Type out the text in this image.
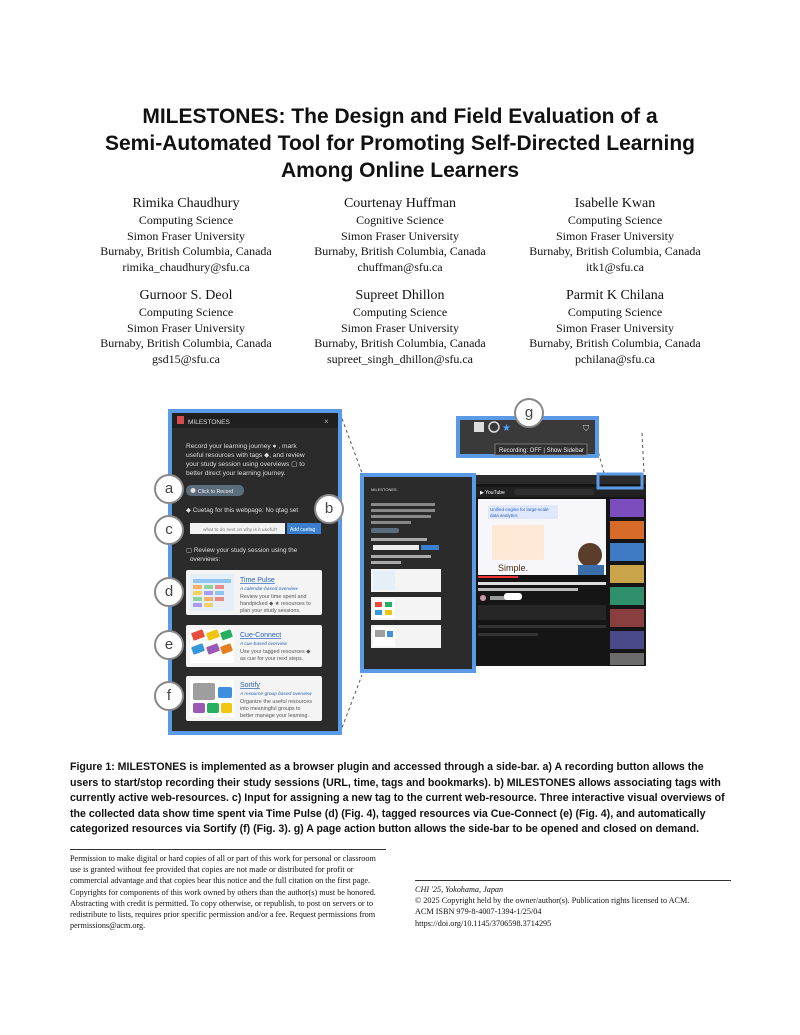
MILESTONES: The Design and Field Evaluation of a
Semi-Automated Tool for Promoting Self-Directed Learning
Among Online Learners
Rimika Chaudhury
Computing Science
Simon Fraser University
Burnaby, British Columbia, Canada
rimika_chaudhury@sfu.ca
Courtenay Huffman
Cognitive Science
Simon Fraser University
Burnaby, British Columbia, Canada
chuffman@sfu.ca
Isabelle Kwan
Computing Science
Simon Fraser University
Burnaby, British Columbia, Canada
itk1@sfu.ca
Gurnoor S. Deol
Computing Science
Simon Fraser University
Burnaby, British Columbia, Canada
gsd15@sfu.ca
Supreet Dhillon
Computing Science
Simon Fraser University
Burnaby, British Columbia, Canada
supreet_singh_dhillon@sfu.ca
Parmit K Chilana
Computing Science
Simon Fraser University
Burnaby, British Columbia, Canada
pchilana@sfu.ca
MILESTONES	×
Record your learning journey ● , mark
useful resources with tags ◆, and review
your study session using overviews ▢ to
better direct your learning journey.
Click to Record
◆ Cuetag for this webpage: No qtag set
what to do next on why is it useful?	Add cuetag
▢ Review your study session using the
overviews:
Time Pulse
A calendar-based overview
Review your time spent and
handpicked ◆ ★ resources to
plan your study sessions.
Cue-Connect
A cue-based overview
Use your tagged resources ◆
as cue for your next steps.
Sortify
A resource-group based overview
Organize the useful resources
into meaningful groups to
better manage your learning.
▶ YouTube
Unified engine for large-scale
data analytics
Simple.
MILESTONES
★	⛉
Recording: OFF | Show Sidebar
a
b
c
d
e
f
g
Figure 1: MILESTONES is implemented as a browser plugin and accessed through a side-bar. a) A recording button allows the users to start/stop recording their study sessions (URL, time, tags and bookmarks). b) MILESTONES allows associating tags with currently active web-resources. c) Input for assigning a new tag to the current web-resource. Three interactive visual overviews of the collected data show time spent via Time Pulse (d) (Fig. 4), tagged resources via Cue-Connect (e) (Fig. 4), and automatically categorized resources via Sortify (f) (Fig. 3). g) A page action button allows the side-bar to be opened and closed on demand.
Permission to make digital or hard copies of all or part of this work for personal or classroom use is granted without fee provided that copies are not made or distributed for profit or commercial advantage and that copies bear this notice and the full citation on the first page. Copyrights for components of this work owned by others than the author(s) must be honored. Abstracting with credit is permitted. To copy otherwise, or republish, to post on servers or to redistribute to lists, requires prior specific permission and/or a fee. Request permissions from permissions@acm.org.
CHI '25, Yokohama, Japan
© 2025 Copyright held by the owner/author(s). Publication rights licensed to ACM.
ACM ISBN 979-8-4007-1394-1/25/04
https://doi.org/10.1145/3706598.3714295
